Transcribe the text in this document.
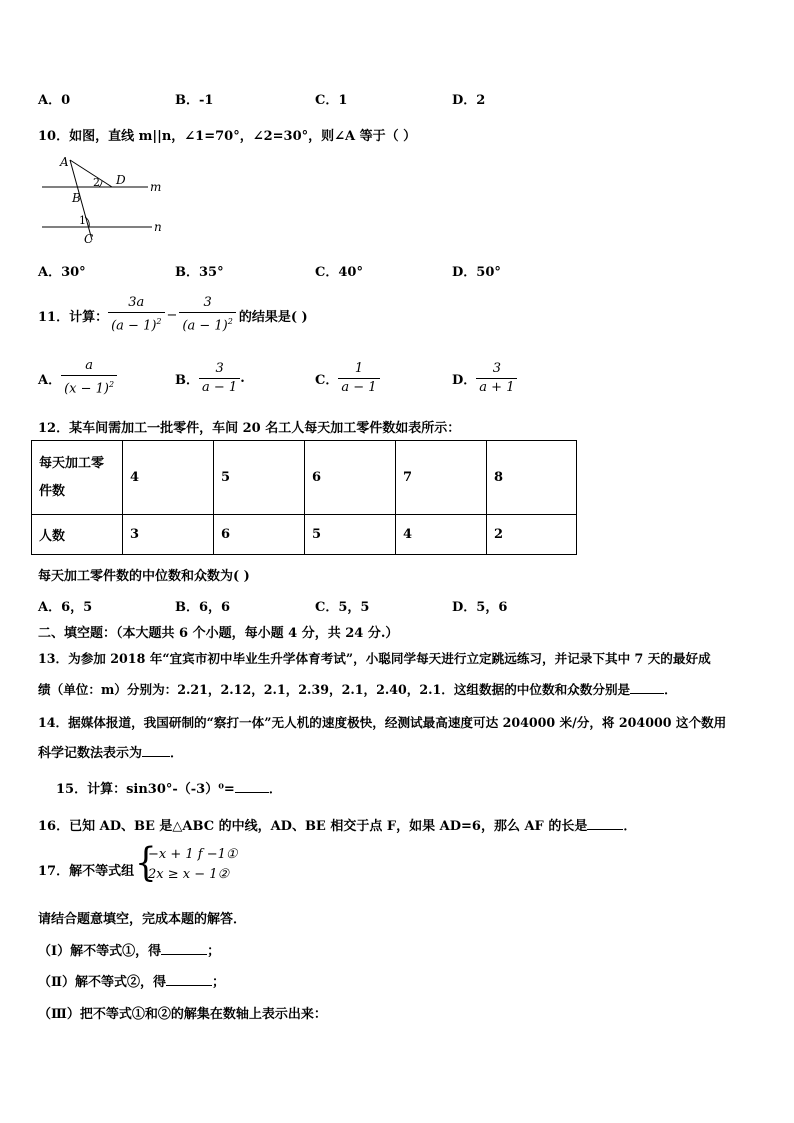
A．0	B．-1	C．1	D．2
10．如图，直线 m||n，∠1=70°，∠2=30°，则∠A 等于（ ）
A
B
C
D m
n
1
2
A．30°	B．35°	C．40°	D．50°
11．计算： $\frac{3a}{(a - 1)^2} - \frac{3}{(a - 1)^2}$ 的结果是( )
A． $\frac{a}{(x - 1)^2}$	B． $\frac{3}{a - 1}$ .	C． $\frac{1}{a - 1}$	D． $\frac{3}{a + 1}$
12．某车间需加工一批零件，车间 20 名工人每天加工零件数如表所示：
每天加工零
件数	4	5	6	7	8
人数	3	6	5	4	2
每天加工零件数的中位数和众数为( )
A．6，5	B．6，6	C．5，5	D．5，6
二、填空题：（本大题共 6 个小题，每小题 4 分，共 24 分.）
13．为参加 2018 年“宜宾市初中毕业生升学体育考试”，小聪同学每天进行立定跳远练习，并记录下其中 7 天的最好成
绩（单位：m）分别为：2.21，2.12，2.1，2.39，2.1，2.40，2.1．这组数据的中位数和众数分别是	．
14．据媒体报道，我国研制的“察打一体”无人机的速度极快，经测试最高速度可达 204000 米/分，将 204000 这个数用
科学记数法表示为 ．
15．计算：sin30°-（-3）⁰=	．
16．已知 AD、BE 是△ABC 的中线，AD、BE 相交于点 F，如果 AD=6，那么 AF 的长是	．
17．解不等式组 {
−x + 1 f −1①
2x ≥ x − 1②
请结合题意填空，完成本题的解答．
（Ⅰ）解不等式①，得	；
（Ⅱ）解不等式②，得	；
（Ⅲ）把不等式①和②的解集在数轴上表示出来：
